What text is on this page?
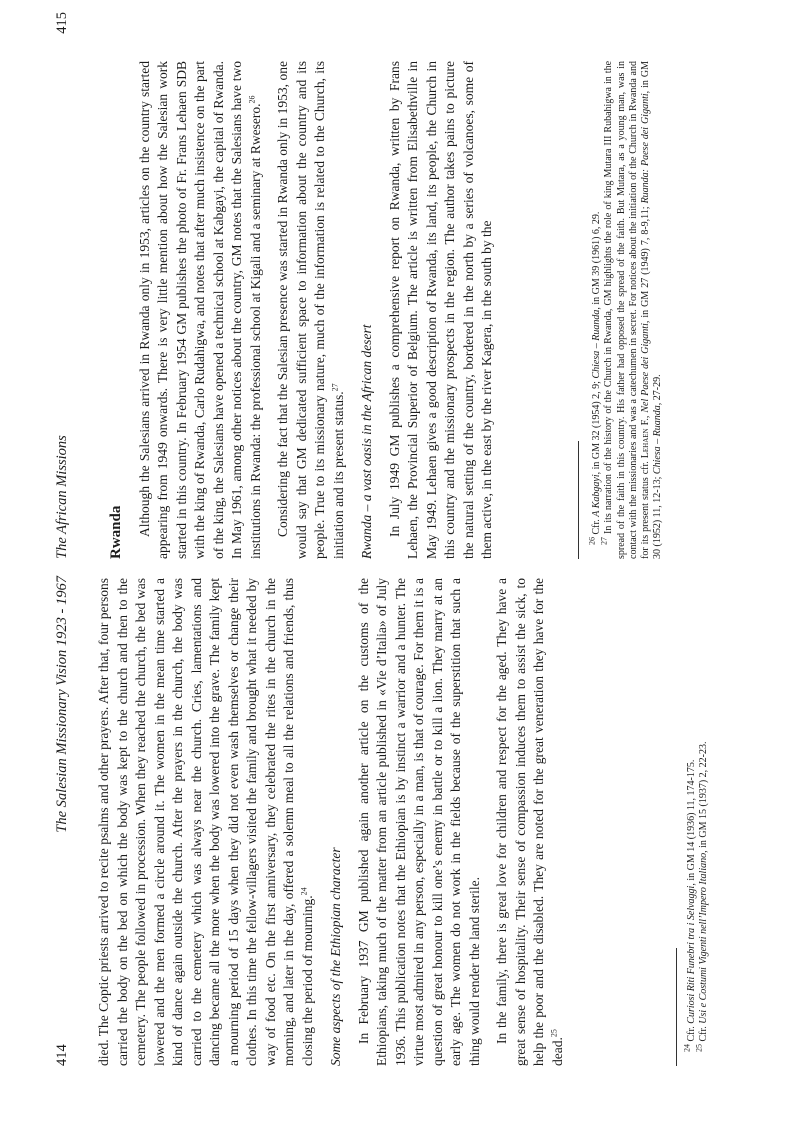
414
The Salesian Missionary Vision 1923 - 1967 died. The Coptic priests arrived to recite psalms and other prayers. After that, four persons carried the body on the bed on which the body was kept to the church and then to the cemetery. The people followed in procession. When they reached the church, the bed was lowered and the men formed a circle around it. The women in the mean time started a kind of dance again outside the church. After the prayers in the church, the body was carried to the cemetery which was always near the church. Cries, lamentations and dancing became all the more when the body was lowered into the grave. The family kept a mourning period of 15 days when they did not even wash themselves or change their clothes. In this time the fellow-villagers visited the family and brought what it needed by way of food etc. On the first anniversary, they celebrated the rites in the church in the morning, and later in the day, offered a solemn meal to all the relations and friends, thus closing the period of mourning.$^{24}$	Some aspects of the Ethiopian character In February 1937 GM published again another article on the customs of the Ethiopians, taking much of the matter from an article published in «Vie d’Italia» of July 1936. This publication notes that the Ethiopian is by instinct a warrior and a hunter. The virtue most admired in any person, especially in a man, is that of courage. For them it is a question of great honour to kill one’s enemy in battle or to kill a lion. They marry at an early age. The women do not work in the fields because of the superstition that such a thing would render the land sterile. In the family, there is great love for children and respect for the aged. They have a great sense of hospitality. Their sense of compassion induces them to assist the sick, to help the poor and the disabled. They are noted for the great veneration they have for the dead.$^{25}$

$^{24}$ Cfr. Curiosi Riti Funebri tra i Selvaggi, in GM 14 (1936) 11, 174-175.

$^{25}$ Cfr. Usi e Costumi Vigenti nell’Impero Italiano, in GM 15 (1937) 2, 22-23.

The African Missions
415

Rwanda Although the Salesians arrived in Rwanda only in 1953, articles on the country started appearing from 1949 onwards. There is very little mention about how the Salesian work started in this country. In February 1954 GM publishes the photo of Fr. Frans Lehaen SDB with the king of Rwanda, Carlo Rudahigwa, and notes that after much insistence on the part of the king, the Salesians have opened a technical school at Kabgayi, the capital of Rwanda. In May 1961, among other notices about the country, GM notes that the Salesians have two institutions in Rwanda: the professional school at Kigali and a seminary at Rwesero.$^{26}$	Considering the fact that the Salesian presence was started in Rwanda only in 1953, one would say that GM dedicated sufficient space to information about the country and its people. True to its missionary nature, much of the information is related to the Church, its initiation and its present status.$^{27}$	Rwanda – a vast oasis in the African desert In July 1949 GM publishes a comprehensive report on Rwanda, written by Frans Lehaen, the Provincial Superior of Belgium. The article is written from Elisabethville in May 1949. Lehaen gives a good description of Rwanda, its land, its people, the Church in this country and the missionary prospects in the region. The author takes pains to picture the natural setting of the country, bordered in the north by a series of volcanoes, some of them active, in the east by the river Kagera, in the south by the	$^{26}$ Cfr. A Kabgayi, in GM 32 (1954) 2, 9; Chiesa – Ruanda, in GM 39 (1961) 6, 29.

$^{27}$ In its narration of the history of the Church in Rwanda, GM highlights the role of king Mutara III Rubahigwa in the spread of the faith in this country. His father had opposed the spread of the faith. But Mutara, as a young man, was in contact with the missionaries and was a catechumen in secret. For notices about the initiation of the Church in Rwanda and for its present status cfr. Lehaen F., Nel Paese dei Giganti, in GM 27 (1949) 7, 8-9,11; Ruanda: Paese dei Giganti, in GM 30 (1952) 11, 12-13; Chiesa – Ruanda, 27-29.
